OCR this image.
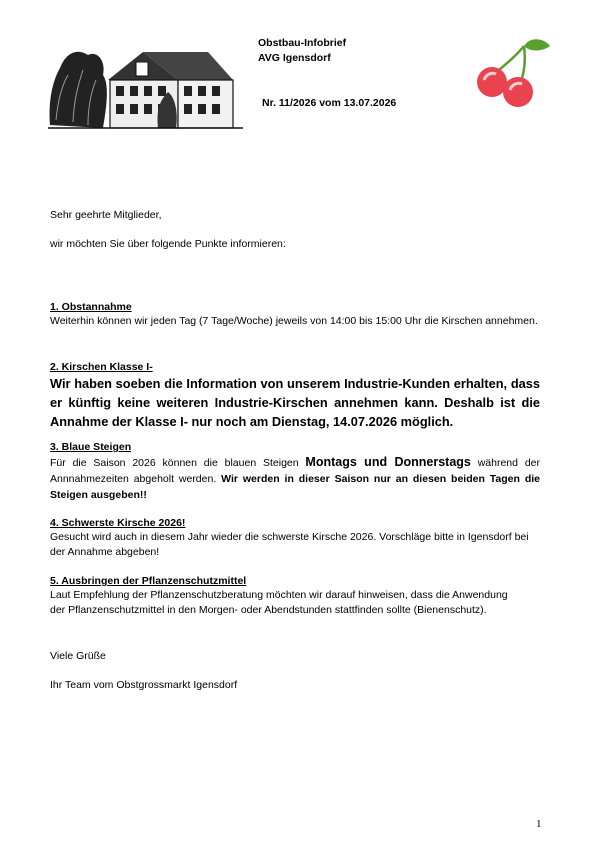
Obstbau-Infobrief
AVG Igensdorf
Nr. 11/2026 vom 13.07.2026
Sehr geehrte Mitglieder,
wir möchten Sie über folgende Punkte informieren:
1. Obstannahme
Weiterhin können wir jeden Tag (7 Tage/Woche) jeweils von 14:00 bis 15:00 Uhr die Kirschen annehmen.
2. Kirschen Klasse I-
Wir haben soeben die Information von unserem Industrie-Kunden erhalten, dass er künftig keine weiteren Industrie-Kirschen annehmen kann. Deshalb ist die Annahme der Klasse I- nur noch am Dienstag, 14.07.2026 möglich.
3. Blaue Steigen
Für die Saison 2026 können die blauen Steigen Montags und Donnerstags während der Annnahmezeiten abgeholt werden. Wir werden in dieser Saison nur an diesen beiden Tagen die Steigen ausgeben!!
4. Schwerste Kirsche 2026!
Gesucht wird auch in diesem Jahr wieder die schwerste Kirsche 2026. Vorschläge bitte in Igensdorf bei der Annahme abgeben!
5. Ausbringen der Pflanzenschutzmittel
Laut Empfehlung der Pflanzenschutzberatung möchten wir darauf hinweisen, dass die Anwendung
der Pflanzenschutzmittel in den Morgen- oder Abendstunden stattfinden sollte (Bienenschutz).
Viele Grüße
Ihr Team vom Obstgrossmarkt Igensdorf
1
